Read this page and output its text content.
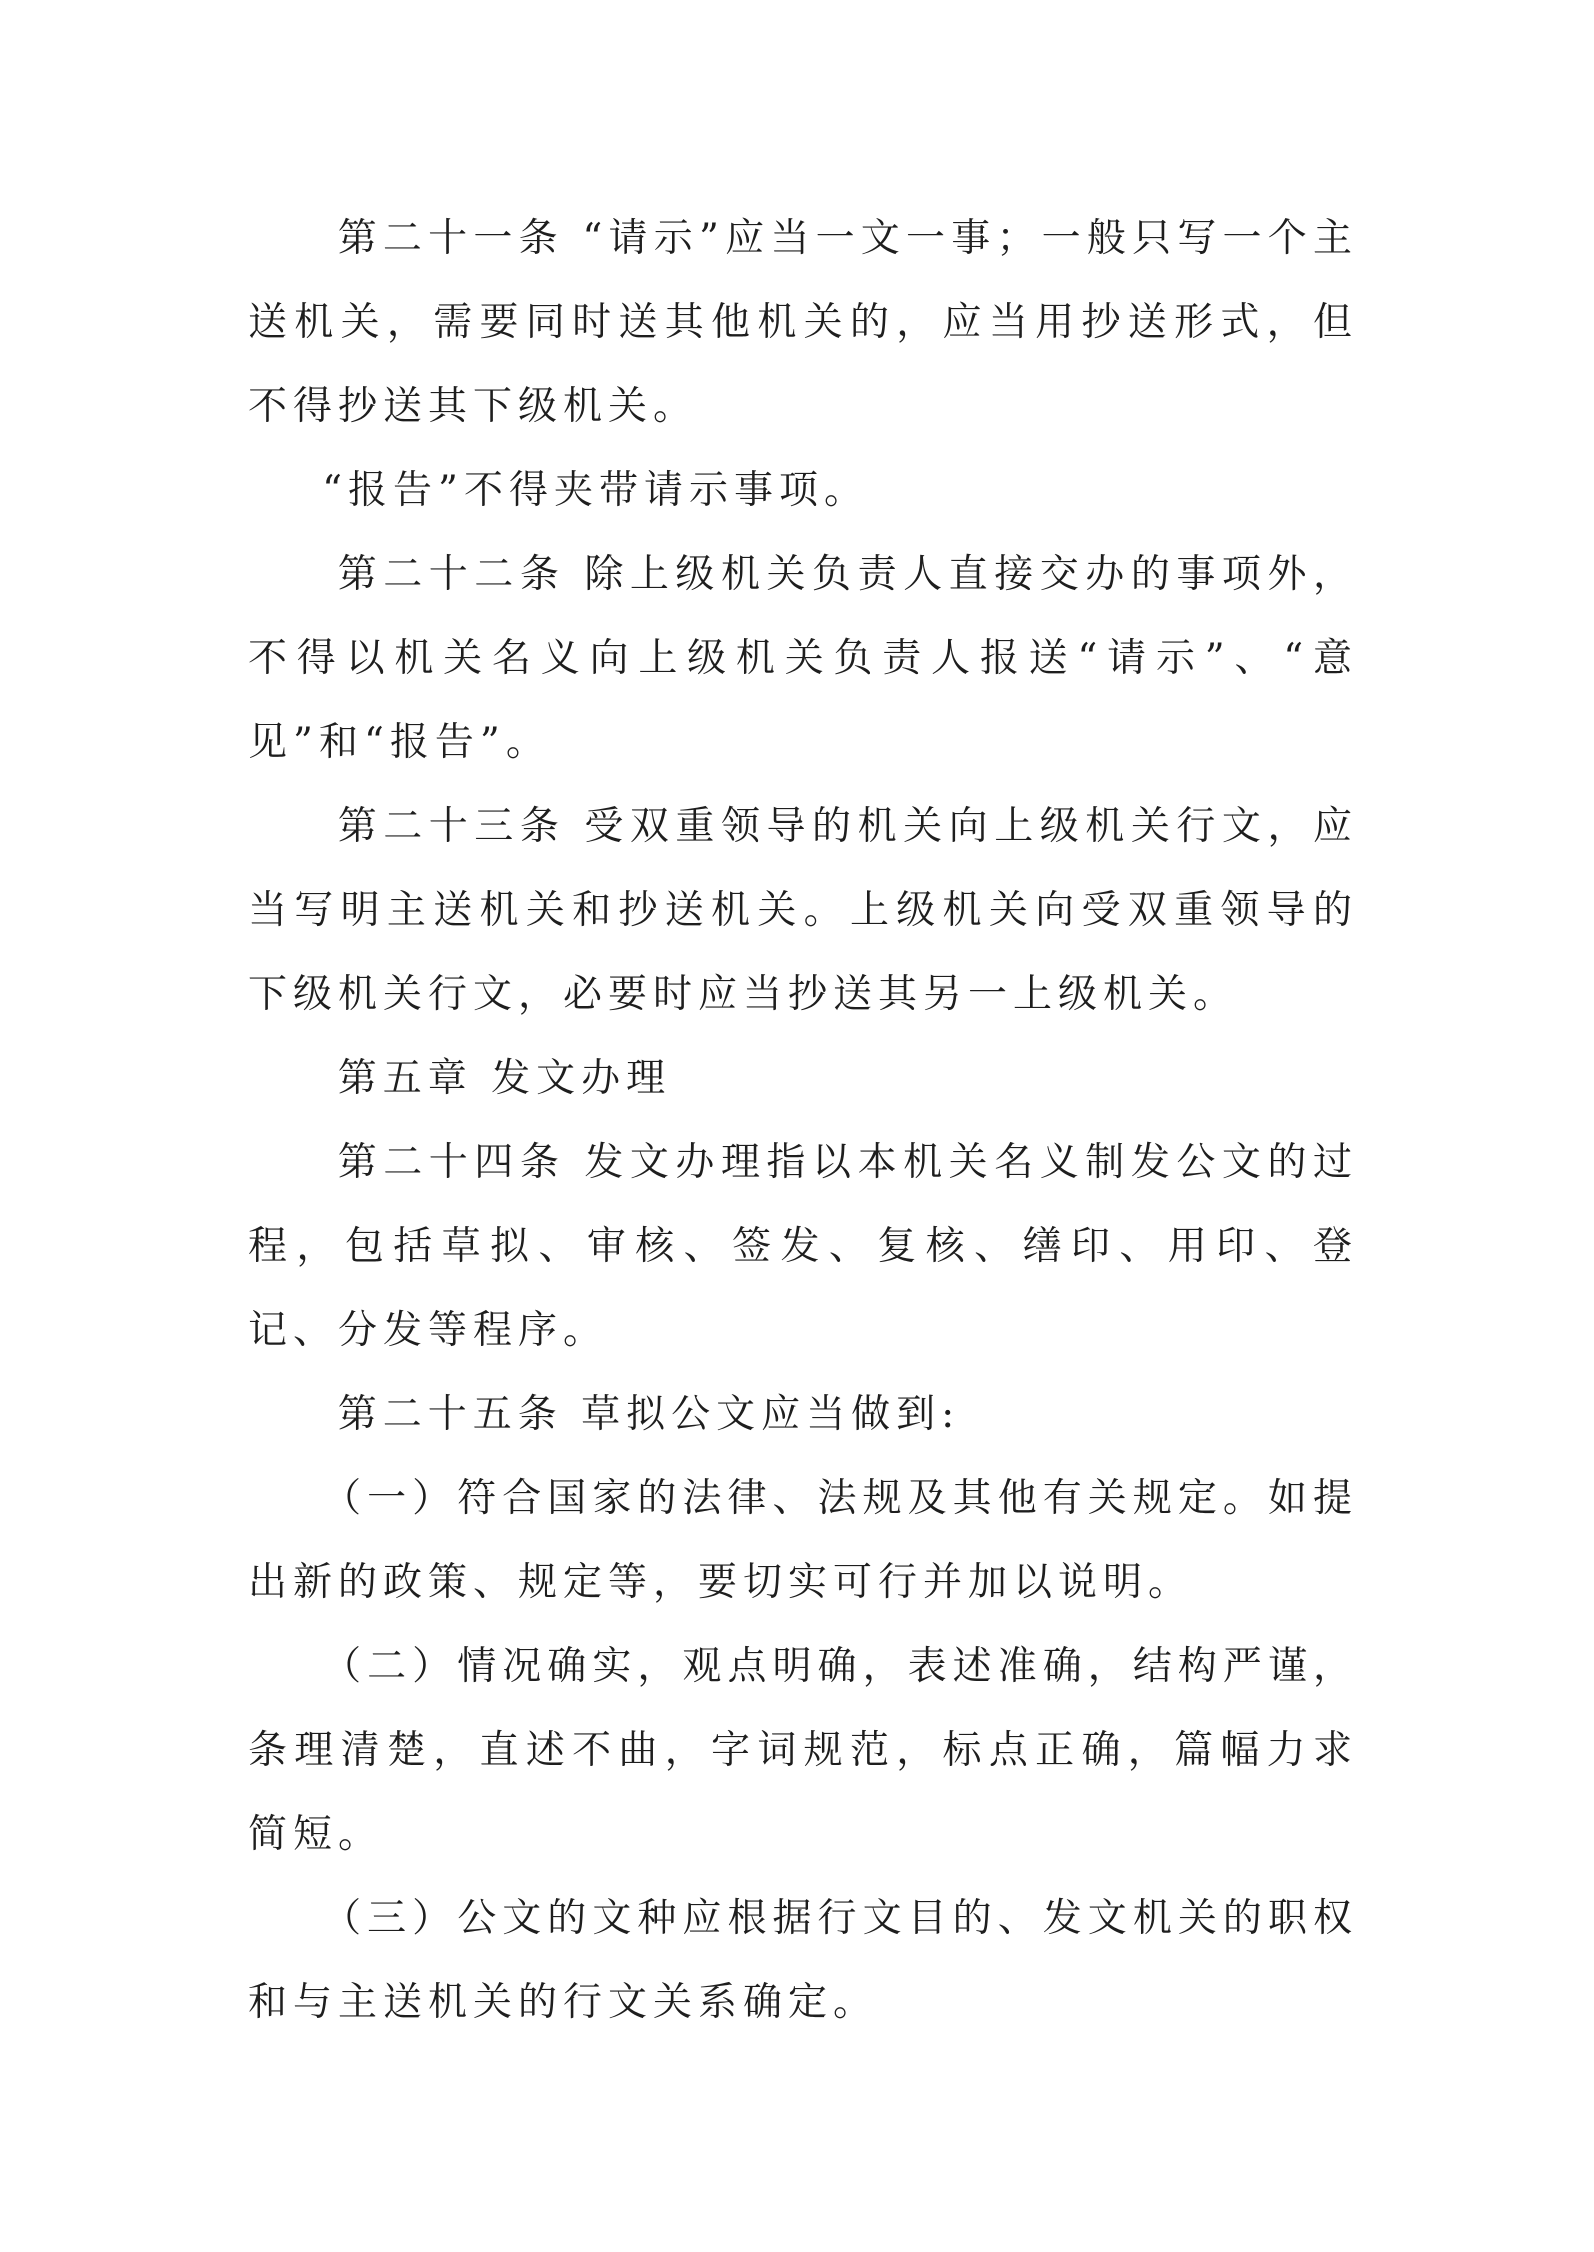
第二十一条 “请示”应当一文一事；一般只写一个主送机关，需要同时送其他机关的，应当用抄送形式，但不得抄送其下级机关。

“报告”不得夹带请示事项。

第二十二条 除上级机关负责人直接交办的事项外，不得以机关名义向上级机关负责人报送“请示”、“意见”和“报告”。

第二十三条 受双重领导的机关向上级机关行文，应当写明主送机关和抄送机关。上级机关向受双重领导的下级机关行文，必要时应当抄送其另一上级机关。

第五章 发文办理

第二十四条 发文办理指以本机关名义制发公文的过程，包括草拟、审核、签发、复核、缮印、用印、登记、分发等程序。

第二十五条 草拟公文应当做到:

（一）符合国家的法律、法规及其他有关规定。如提出新的政策、规定等，要切实可行并加以说明。

（二）情况确实，观点明确，表述准确，结构严谨，条理清楚，直述不曲，字词规范，标点正确，篇幅力求简短。

（三）公文的文种应根据行文目的、发文机关的职权和与主送机关的行文关系确定。
